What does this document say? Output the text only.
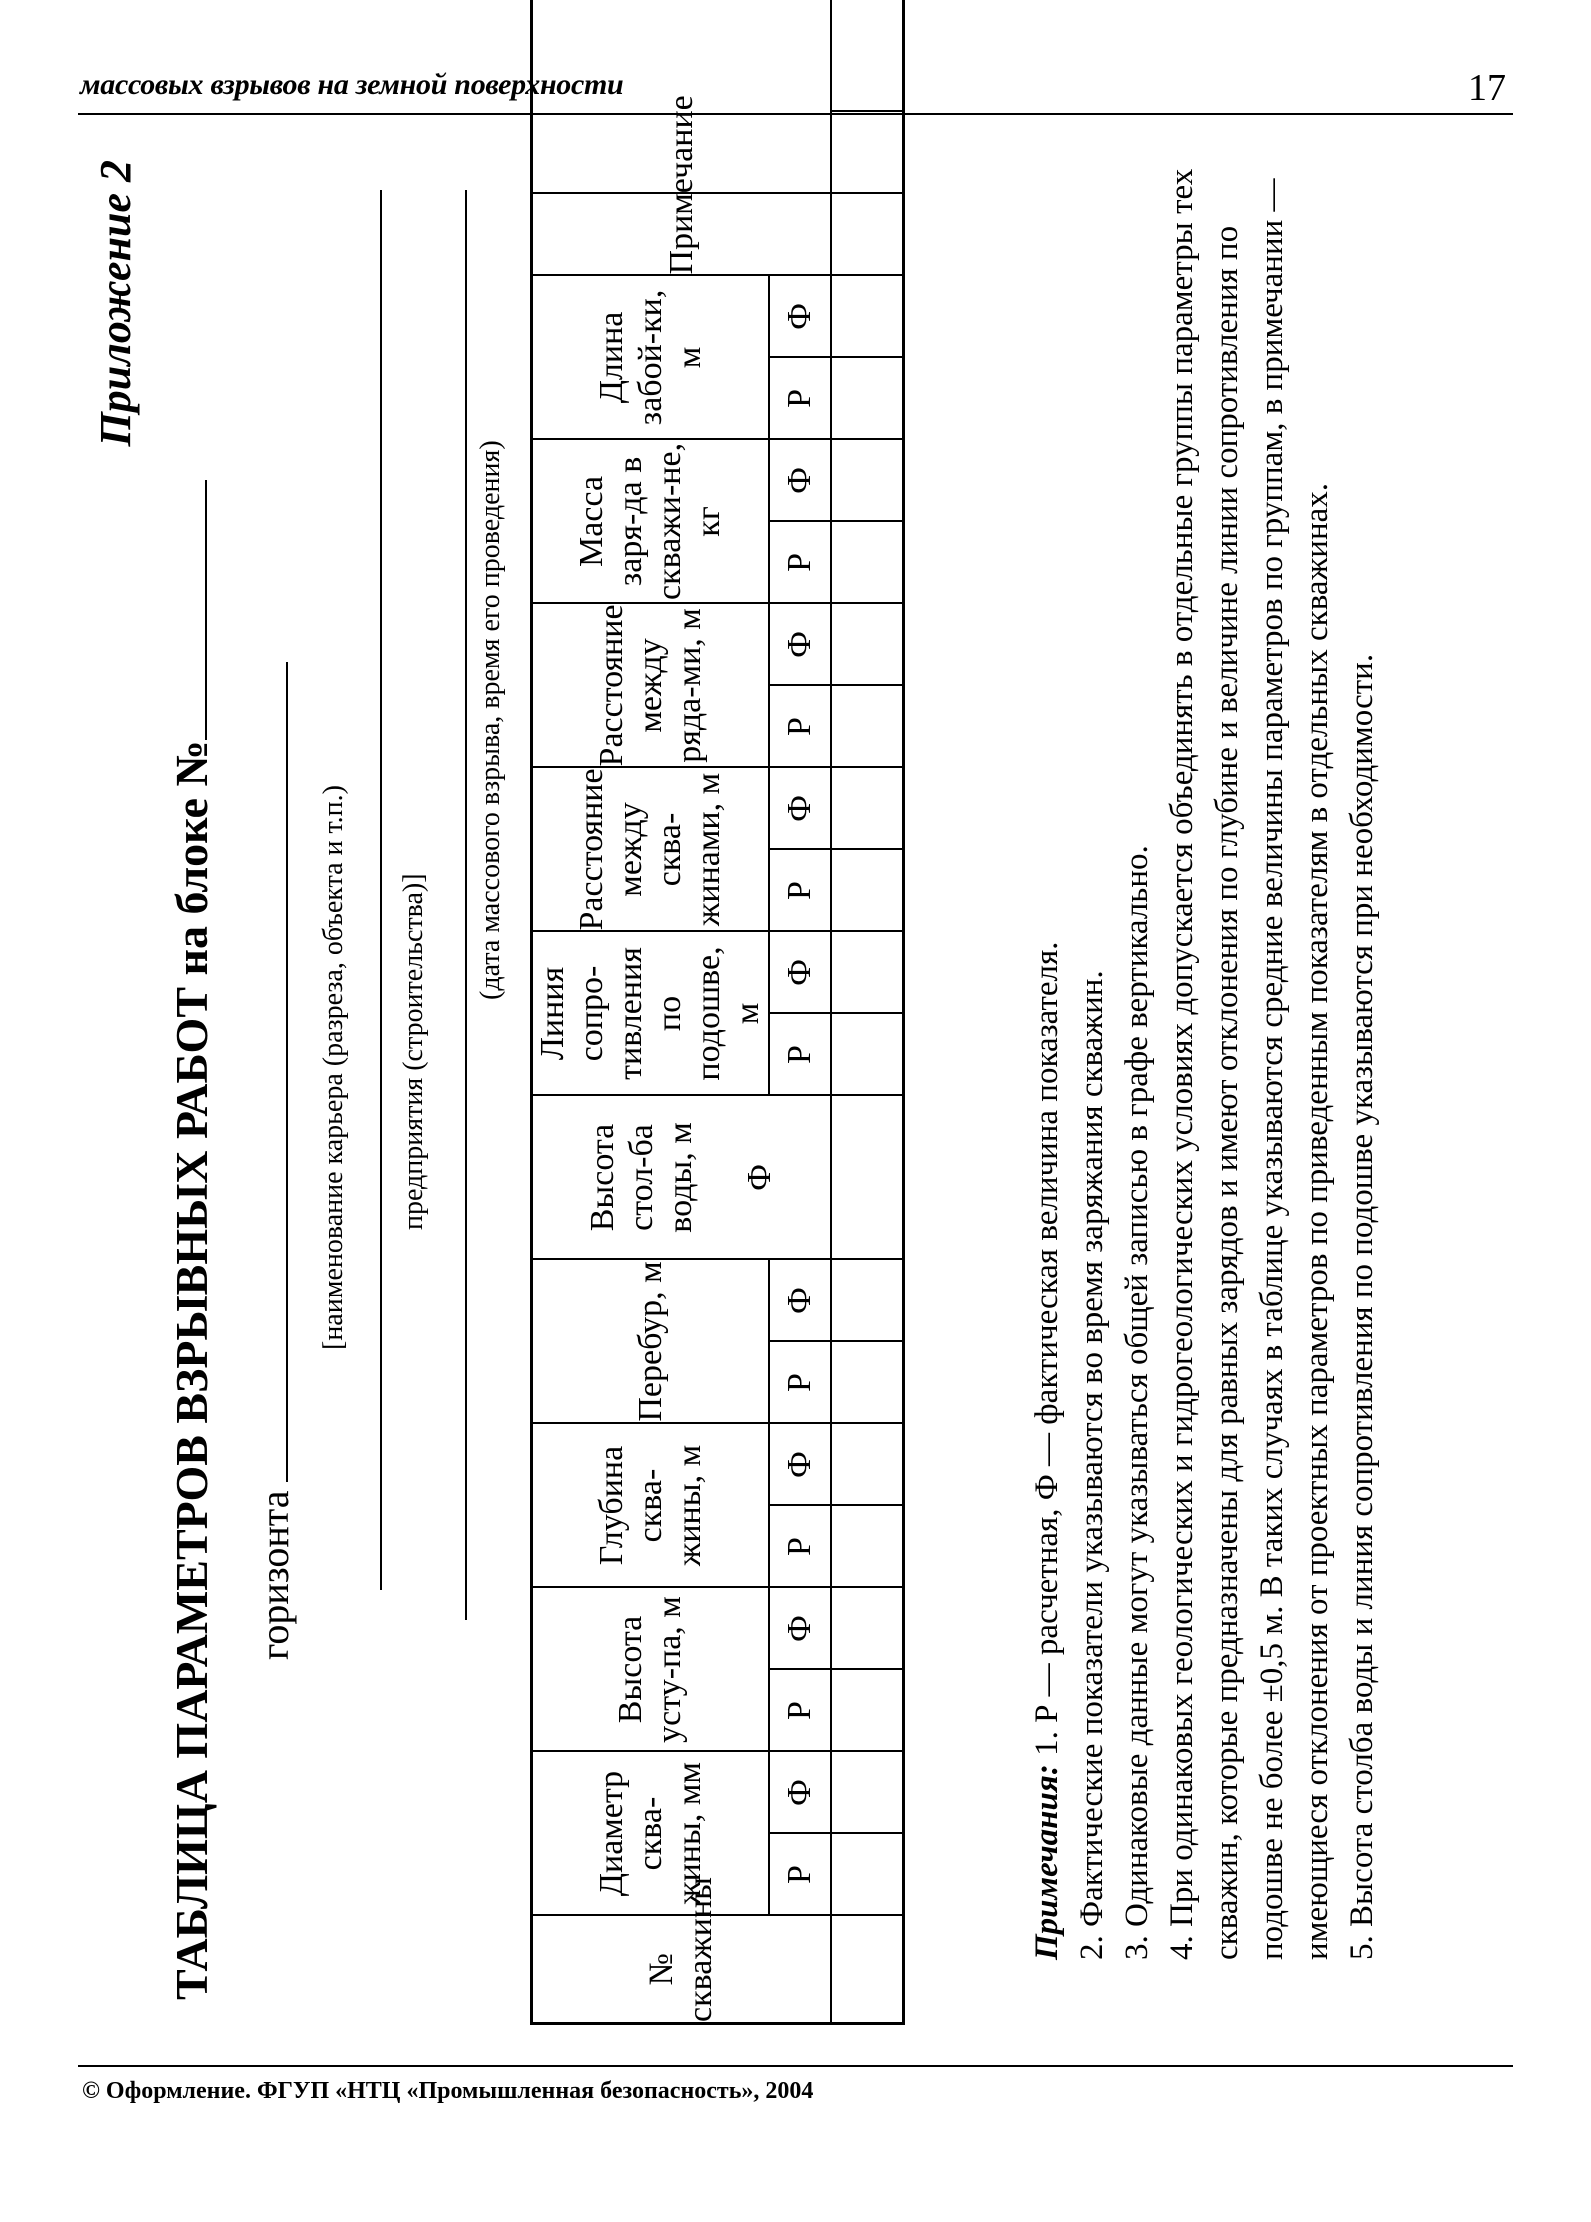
массовых взрывов на земной поверхности	17
Приложение 2
ТАБЛИЦА ПАРАМЕТРОВ ВЗРЫВНЫХ РАБОТ на блоке № горизонта
[наименование карьера (разреза, объекта и т.п.) предприятия (строительства)]
(дата массового взрыва, время его проведения)
№ скважины	Диаметр сква-жины, мм		Высота усту-па, м		Глубина сква-жины, м		Перебур, м		Высота стол-ба воды, м Ф	Линия сопро-тивления по подошве, м		Расстояние между сква-жинами, м		Расстояние между ряда-ми, м		Масса заря-да в скважи-не, кг		Длина забой-ки, м		Примечание		
	Р	Ф	Р	Ф	Р	Ф	Р	Ф		Р	Ф	Р	Ф	Р	Ф	Р	Ф	Р	Ф			

Примечания: 1. Р — расчетная, Ф — фактическая величина показателя. 2. Фактические показатели указываются во время заряжания скважин. 3. Одинаковые данные могут указываться общей записью в графе вертикально. 4. При одинаковых геологических и гидрогеологических условиях допускается объединять в отдельные группы параметры тех скважин, которые предназначены для равных зарядов и имеют отклонения по глубине и величине линии сопротивления по подошве не более ±0,5 м. В таких случаях в таблице указываются средние величины параметров по группам, в примечании — имеющиеся отклонения от проектных параметров по приведенным показателям в отдельных скважинах. 5. Высота столба воды и линия сопротивления по подошве указываются при необходимости.

© Оформление. ФГУП «НТЦ «Промышленная безопасность», 2004
